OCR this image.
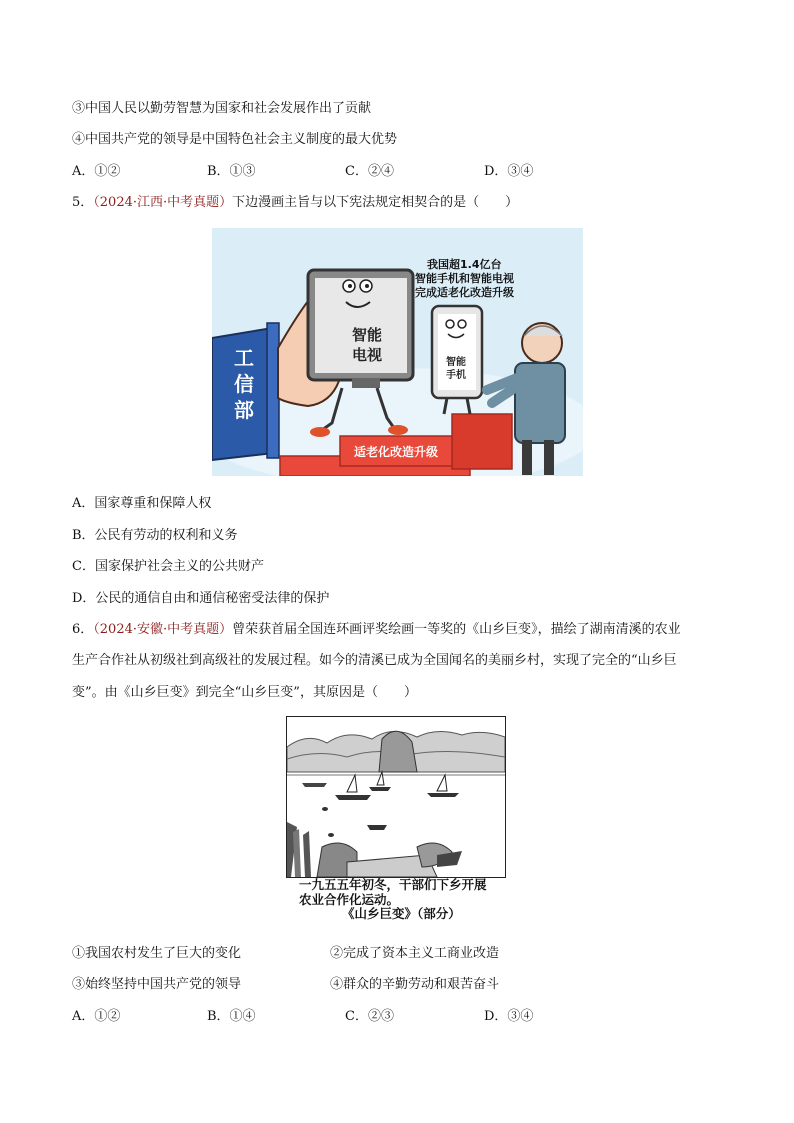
③中国人民以勤劳智慧为国家和社会发展作出了贡献
④中国共产党的领导是中国特色社会主义制度的最大优势
A．①②	B．①③	C．②④	D．③④
5．（2024·江西·中考真题）下边漫画主旨与以下宪法规定相契合的是（　　）
工
信
部
适老化改造升级
智能
电视	智能
手机
我国超1.4亿台
智能手机和智能电视
完成适老化改造升级
A．国家尊重和保障人权
B．公民有劳动的权利和义务
C．国家保护社会主义的公共财产
D．公民的通信自由和通信秘密受法律的保护
6．（2024·安徽·中考真题）曾荣获首届全国连环画评奖绘画一等奖的《山乡巨变》，描绘了湖南清溪的农业
生产合作社从初级社到高级社的发展过程。如今的清溪已成为全国闻名的美丽乡村，实现了完全的“山乡巨
变”。由《山乡巨变》到完全“山乡巨变”，其原因是（　　）
一九五五年初冬，干部们下乡开展
农业合作化运动。
《山乡巨变》（部分）
①我国农村发生了巨大的变化	②完成了资本主义工商业改造
③始终坚持中国共产党的领导	④群众的辛勤劳动和艰苦奋斗
A．①②	B．①④	C．②③	D．③④
